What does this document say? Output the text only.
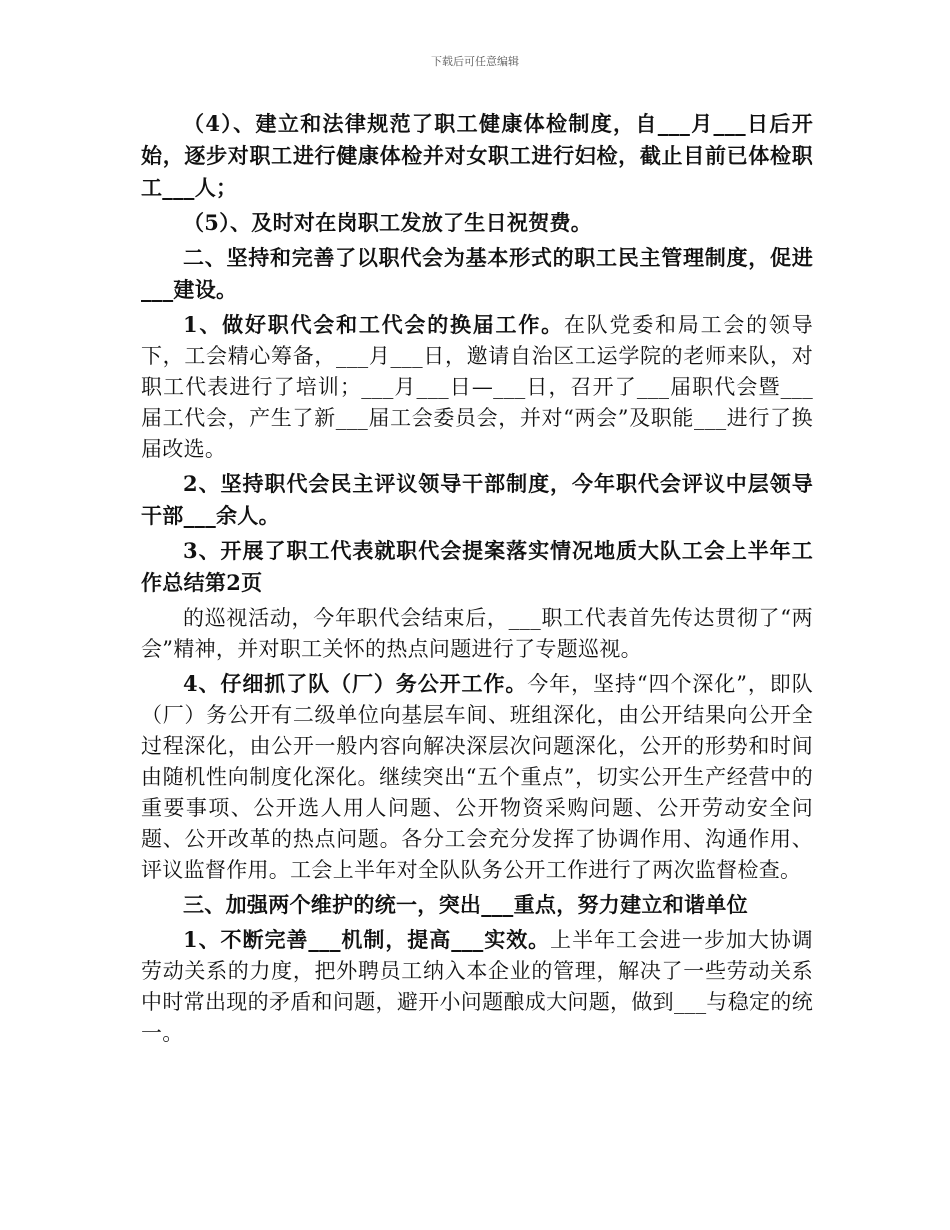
下载后可任意编辑

（4）、建立和法律规范了职工健康体检制度，自___月___日后开始，逐步对职工进行健康体检并对女职工进行妇检，截止目前已体检职工___人；

（5）、及时对在岗职工发放了生日祝贺费。

二、坚持和完善了以职代会为基本形式的职工民主管理制度，促进___建设。

1、做好职代会和工代会的换届工作。在队党委和局工会的领导下，工会精心筹备，___月___日，邀请自治区工运学院的老师来队，对职工代表进行了培训；___月___日—___日，召开了___届职代会暨___届工代会，产生了新___届工会委员会，并对“两会”及职能___进行了换届改选。

2、坚持职代会民主评议领导干部制度，今年职代会评议中层领导干部___余人。

3、开展了职工代表就职代会提案落实情况地质大队工会上半年工作总结第2页

的巡视活动，今年职代会结束后，___职工代表首先传达贯彻了“两会”精神，并对职工关怀的热点问题进行了专题巡视。

4、仔细抓了队（厂）务公开工作。今年，坚持“四个深化”，即队（厂）务公开有二级单位向基层车间、班组深化，由公开结果向公开全过程深化，由公开一般内容向解决深层次问题深化，公开的形势和时间由随机性向制度化深化。继续突出“五个重点”，切实公开生产经营中的重要事项、公开选人用人问题、公开物资采购问题、公开劳动安全问题、公开改革的热点问题。各分工会充分发挥了协调作用、沟通作用、评议监督作用。工会上半年对全队队务公开工作进行了两次监督检查。

三、加强两个维护的统一，突出___重点，努力建立和谐单位

1、不断完善___机制，提高___实效。上半年工会进一步加大协调劳动关系的力度，把外聘员工纳入本企业的管理，解决了一些劳动关系中时常出现的矛盾和问题，避开小问题酿成大问题，做到___与稳定的统一。
